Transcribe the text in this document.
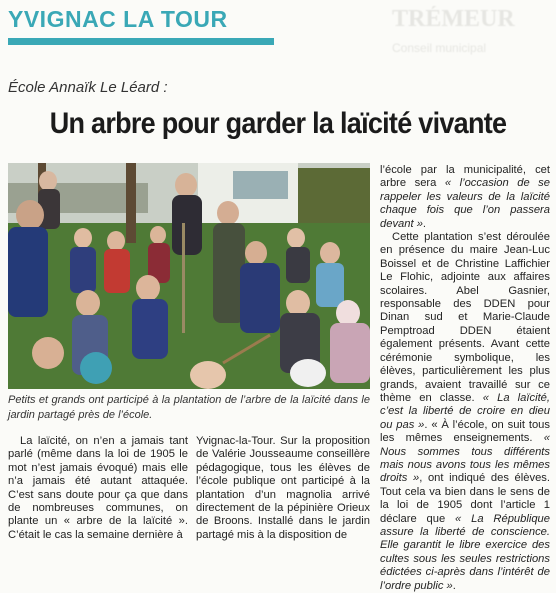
YVIGNAC LA TOUR	TRÉMEUR
Conseil municipal
École Annaïk Le Léard :
Un arbre pour garder la laïcité vivante
Petits et grands ont participé à la plantation de l’arbre de la laïcité dans le jardin partagé près de l’école.

La laïcité, on n’en a jamais tant parlé (même dans la loi de 1905 le mot n’est jamais évoqué) mais elle n’a jamais été autant attaquée. C’est sans doute pour ça que dans de nombreuses communes, on plante un « arbre de la laïcité ». C’était le cas la semaine dernière à

Yvignac-la-Tour. Sur la proposition de Valérie Jousseaume conseillère pédagogique, tous les élèves de l’école publique ont participé à la plantation d’un magnolia arrivé directement de la pépinière Orieux de Broons. Installé dans le jardin partagé mis à la disposition de

l’école par la municipalité, cet arbre sera « l’occasion de se rappeler les valeurs de la laïcité chaque fois que l’on passera devant ».

Cette plantation s’est déroulée en présence du maire Jean-Luc Boissel et de Christine Laffichier Le Flohic, adjointe aux affaires scolaires. Abel Gasnier, responsable des DDEN pour Dinan sud et Marie-Claude Pemptroad DDEN étaient également présents. Avant cette cérémonie symbolique, les élèves, particulièrement les plus grands, avaient travaillé sur ce thème en classe. « La laïcité, c’est la liberté de croire en dieu ou pas ». « À l’école, on suit tous les mêmes enseignements. « Nous sommes tous différents mais nous avons tous les mêmes droits », ont indiqué des élèves. Tout cela va bien dans le sens de la loi de 1905 dont l’article 1 déclare que « La République assure la liberté de conscience. Elle garantit le libre exercice des cultes sous les seules restrictions édictées ci-après dans l’intérêt de l’ordre public ».
